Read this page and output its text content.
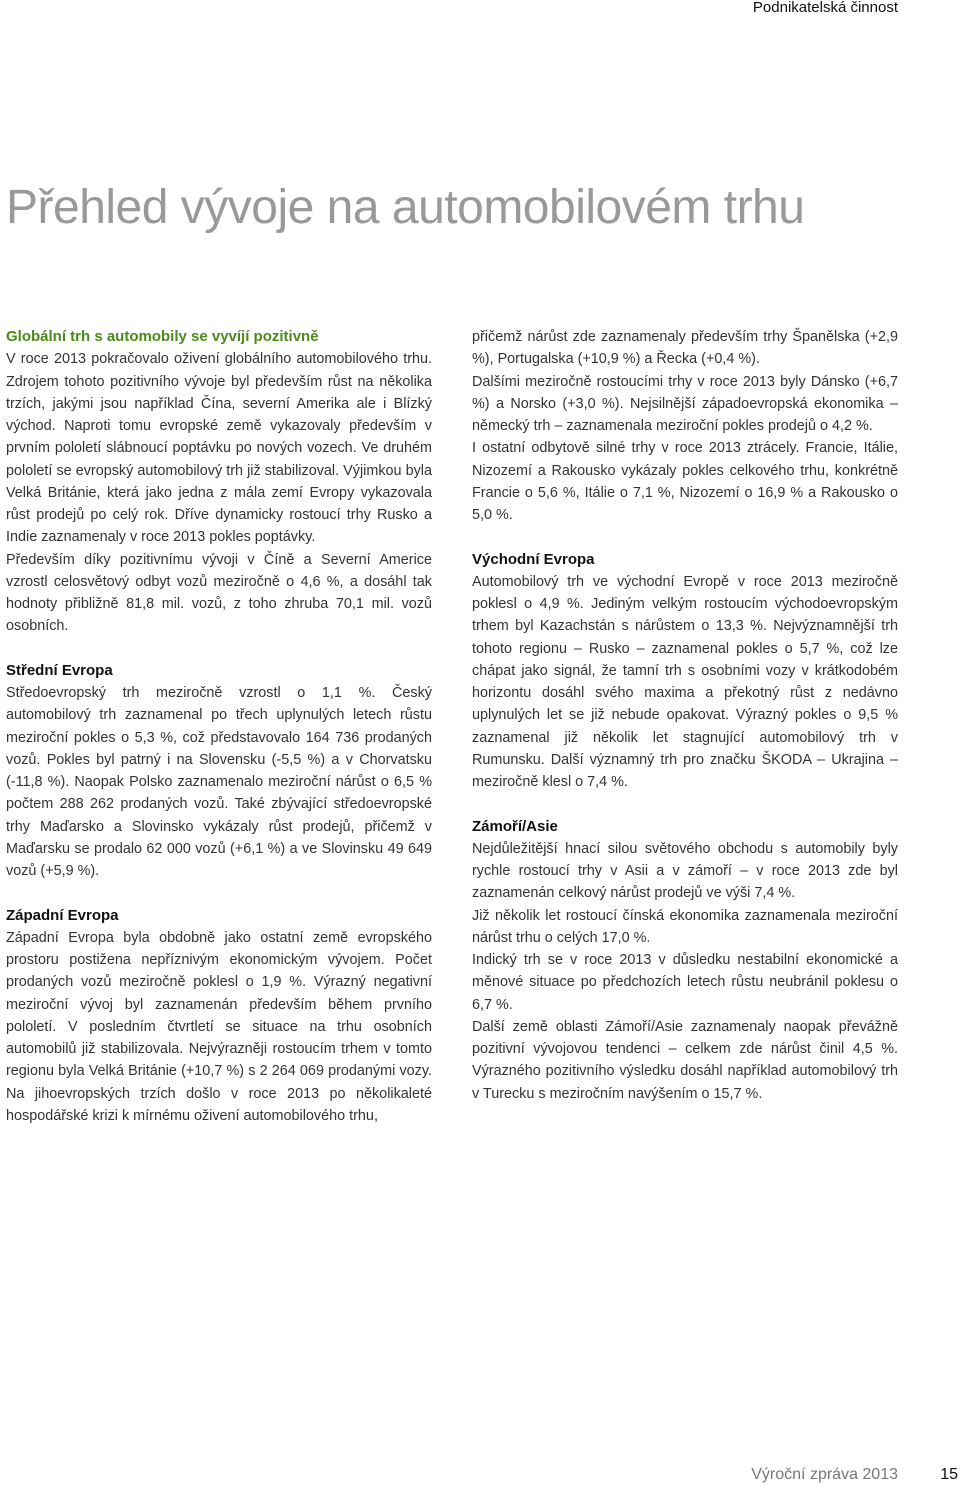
Podnikatelská činnost
Přehled vývoje na automobilovém trhu
Globální trh s automobily se vyvíjí pozitivně

V roce 2013 pokračovalo oživení globálního automobilového trhu. Zdrojem tohoto pozitivního vývoje byl především růst na několika trzích, jakými jsou například Čína, severní Amerika ale i Blízký východ. Naproti tomu evropské země vykazovaly především v prvním pololetí slábnoucí poptávku po nových vozech. Ve druhém pololetí se evropský automobilový trh již stabilizoval. Výjimkou byla Velká Británie, která jako jedna z mála zemí Evropy vykazovala růst prodejů po celý rok. Dříve dynamicky rostoucí trhy Rusko a Indie zaznamenaly v roce 2013 pokles poptávky.

Především díky pozitivnímu vývoji v Číně a Severní Americe vzrostl celosvětový odbyt vozů meziročně o 4,6 %, a dosáhl tak hodnoty přibližně 81,8 mil. vozů, z toho zhruba 70,1 mil. vozů osobních.

Střední Evropa

Středoevropský trh meziročně vzrostl o 1,1 %. Český automobilový trh zaznamenal po třech uplynulých letech růstu meziroční pokles o 5,3 %, což představovalo 164 736 prodaných vozů. Pokles byl patrný i na Slovensku (-5,5 %) a v Chorvatsku (-11,8 %). Naopak Polsko zaznamenalo meziroční nárůst o 6,5 % počtem 288 262 prodaných vozů. Také zbývající středoevropské trhy Maďarsko a Slovinsko vykázaly růst prodejů, přičemž v Maďarsku se prodalo 62 000 vozů (+6,1 %) a ve Slovinsku 49 649 vozů (+5,9 %).

Západní Evropa

Západní Evropa byla obdobně jako ostatní země evropského prostoru postižena nepříznivým ekonomickým vývojem. Počet prodaných vozů meziročně poklesl o 1,9 %. Výrazný negativní meziroční vývoj byl zaznamenán především během prvního pololetí. V posledním čtvrtletí se situace na trhu osobních automobilů již stabilizovala. Nejvýrazněji rostoucím trhem v tomto regionu byla Velká Británie (+10,7 %) s 2 264 069 prodanými vozy. Na jihoevropských trzích došlo v roce 2013 po několikaleté hospodářské krizi k mírnému oživení automobilového trhu,

přičemž nárůst zde zaznamenaly především trhy Španělska (+2,9 %), Portugalska (+10,9 %) a Řecka (+0,4 %).

Dalšími meziročně rostoucími trhy v roce 2013 byly Dánsko (+6,7 %) a Norsko (+3,0 %). Nejsilnější západoevropská ekonomika – německý trh – zaznamenala meziroční pokles prodejů o 4,2 %.

I ostatní odbytově silné trhy v roce 2013 ztrácely. Francie, Itálie, Nizozemí a Rakousko vykázaly pokles celkového trhu, konkrétně Francie o 5,6 %, Itálie o 7,1 %, Nizozemí o 16,9 % a Rakousko o 5,0 %.

Východní Evropa

Automobilový trh ve východní Evropě v roce 2013 meziročně poklesl o 4,9 %. Jediným velkým rostoucím východoevropským trhem byl Kazachstán s nárůstem o 13,3 %. Nejvýznamnější trh tohoto regionu – Rusko – zaznamenal pokles o 5,7 %, což lze chápat jako signál, že tamní trh s osobními vozy v krátkodobém horizontu dosáhl svého maxima a překotný růst z nedávno uplynulých let se již nebude opakovat. Výrazný pokles o 9,5 % zaznamenal již několik let stagnující automobilový trh v Rumunsku. Další významný trh pro značku ŠKODA – Ukrajina – meziročně klesl o 7,4 %.

Zámoří/Asie

Nejdůležitější hnací silou světového obchodu s automobily byly rychle rostoucí trhy v Asii a v zámoří – v roce 2013 zde byl zaznamenán celkový nárůst prodejů ve výši 7,4 %.

Již několik let rostoucí čínská ekonomika zaznamenala meziroční nárůst trhu o celých 17,0 %.

Indický trh se v roce 2013 v důsledku nestabilní ekonomické a měnové situace po předchozích letech růstu neubránil poklesu o 6,7 %.

Další země oblasti Zámoří/Asie zaznamenaly naopak převážně pozitivní vývojovou tendenci – celkem zde nárůst činil 4,5 %. Výrazného pozitivního výsledku dosáhl například automobilový trh v Turecku s meziročním navýšením o 15,7 %.

Výroční zpráva 2013	15
